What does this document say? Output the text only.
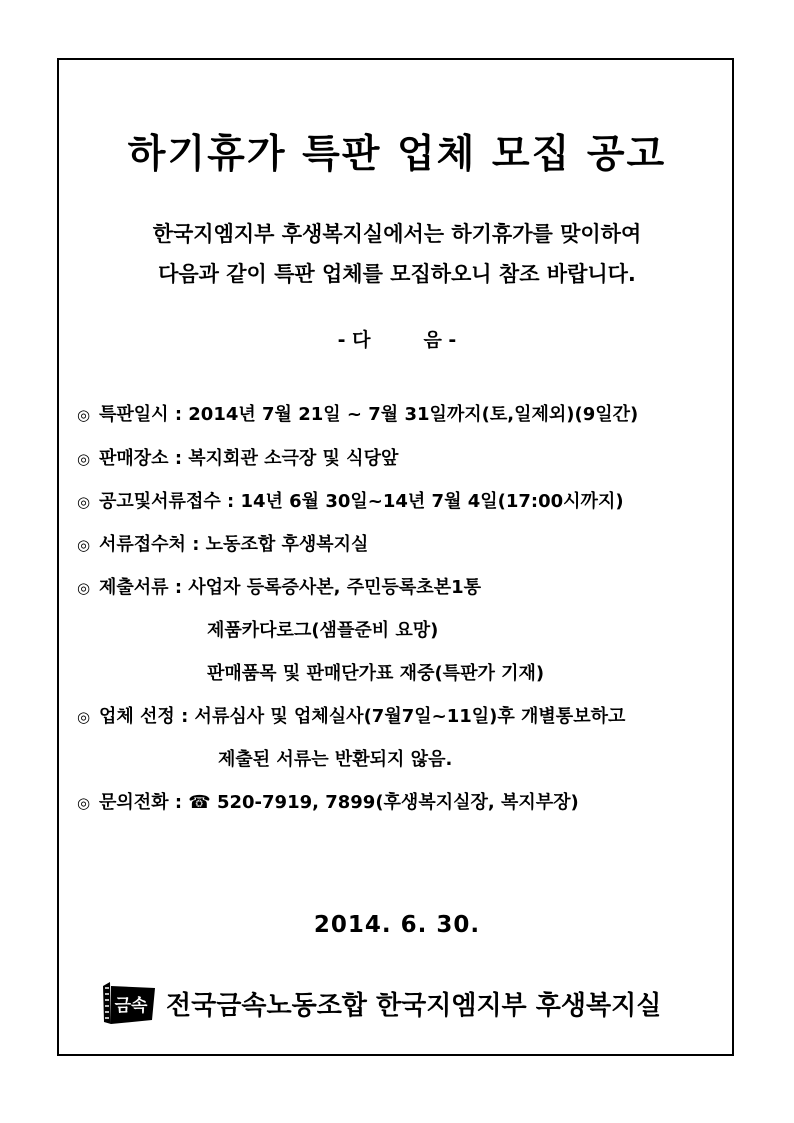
하기휴가 특판 업체 모집 공고
한국지엠지부 후생복지실에서는 하기휴가를 맞이하여
다음과 같이 특판 업체를 모집하오니 참조 바랍니다.
- 다        음 -
◎ 특판일시 : 2014년 7월 21일 ~ 7월 31일까지(토,일제외)(9일간)
◎ 판매장소 : 복지회관 소극장 및 식당앞
◎ 공고및서류접수 : 14년 6월 30일~14년 7월 4일(17:00시까지)
◎ 서류접수처 : 노동조합 후생복지실
◎ 제출서류 : 사업자 등록증사본, 주민등록초본1통
제품카다로그(샘플준비 요망)
판매품목 및 판매단가표 재중(특판가 기재)
◎ 업체 선정 : 서류심사 및 업체실사(7월7일~11일)후 개별통보하고
제출된 서류는 반환되지 않음.
◎ 문의전화 : ☎ 520-7919, 7899(후생복지실장, 복지부장)
2014. 6. 30.
금속 전국금속노동조합 한국지엠지부 후생복지실
